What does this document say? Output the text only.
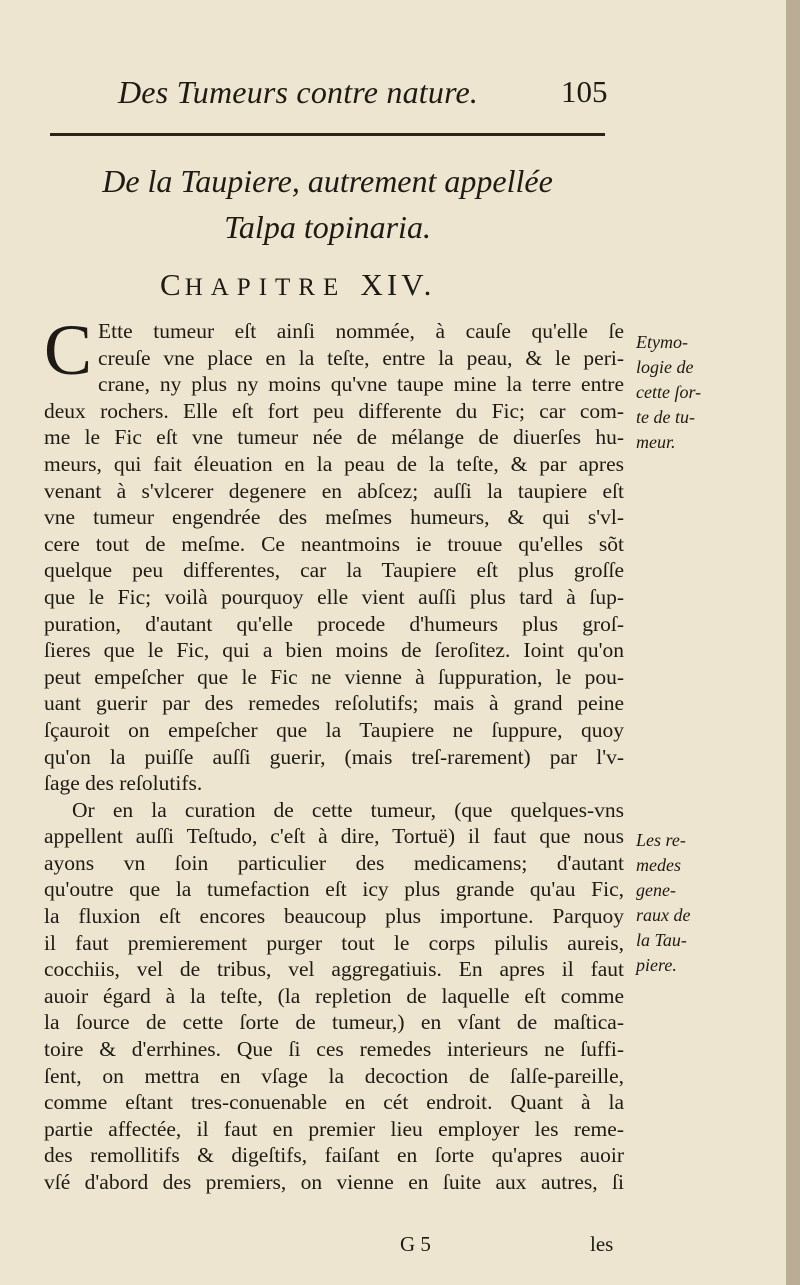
Des Tumeurs contre nature.	105
De la Taupiere, autrement appellée
Talpa topinaria.
CHAPITRE XIV.
C Ette tumeur eſt ainſi nommée, à cauſe qu'elle ſe
creuſe vne place en la teſte, entre la peau, & le peri-
crane, ny plus ny moins qu'vne taupe mine la terre entre
deux rochers. Elle eſt fort peu differente du Fic; car com-
me le Fic eſt vne tumeur née de mélange de diuerſes hu-
meurs, qui fait éleuation en la peau de la teſte, & par apres
venant à s'vlcerer degenere en abſcez; auſſi la taupiere eſt
vne tumeur engendrée des meſmes humeurs, & qui s'vl-
cere tout de meſme. Ce neantmoins ie trouue qu'elles sõt
quelque peu differentes, car la Taupiere eſt plus groſſe
que le Fic; voilà pourquoy elle vient auſſi plus tard à ſup-
puration, d'autant qu'elle procede d'humeurs plus groſ-
ſieres que le Fic, qui a bien moins de ſeroſitez. Ioint qu'on
peut empeſcher que le Fic ne vienne à ſuppuration, le pou-
uant guerir par des remedes reſolutifs; mais à grand peine
ſçauroit on empeſcher que la Taupiere ne ſuppure, quoy
qu'on la puiſſe auſſi guerir, (mais treſ-rarement) par l'v-
ſage des reſolutifs.
Or en la curation de cette tumeur, (que quelques-vns
appellent auſſi Teſtudo, c'eſt à dire, Tortuë) il faut que nous
ayons vn ſoin particulier des medicamens; d'autant
qu'outre que la tumefaction eſt icy plus grande qu'au Fic,
la fluxion eſt encores beaucoup plus importune. Parquoy
il faut premierement purger tout le corps pilulis aureis,
cocchiis, vel de tribus, vel aggregatiuis. En apres il faut
auoir égard à la teſte, (la repletion de laquelle eſt comme
la ſource de cette ſorte de tumeur,) en vſant de maſtica-
toire & d'errhines. Que ſi ces remedes interieurs ne ſuffi-
ſent, on mettra en vſage la decoction de ſalſe-pareille,
comme eſtant tres-conuenable en cét endroit. Quant à la
partie affectée, il faut en premier lieu employer les reme-
des remollitifs & digeſtifs, faiſant en ſorte qu'apres auoir
vſé d'abord des premiers, on vienne en ſuite aux autres, ſi
Etymo-
logie de
cette ſor-
te de tu-
meur.
Les re-
medes
gene-
raux de
la Tau-
piere.
G 5	les
